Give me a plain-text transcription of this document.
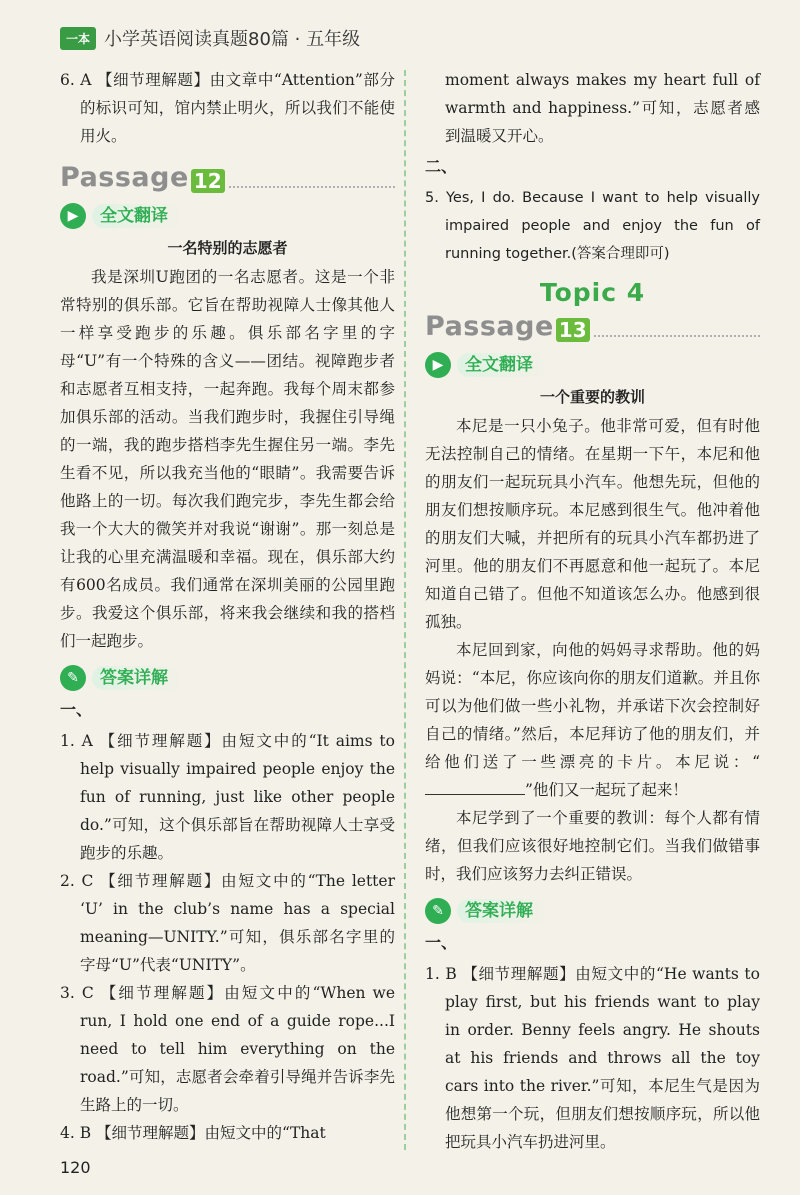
一本 小学英语阅读真题80篇 · 五年级

6. A 【细节理解题】由文章中“Attention”部分的标识可知，馆内禁止明火，所以我们不能使用火。

Passage 12
▶	全文翻译
一名特别的志愿者

我是深圳U跑团的一名志愿者。这是一个非常特别的俱乐部。它旨在帮助视障人士像其他人一样享受跑步的乐趣。俱乐部名字里的字母“U”有一个特殊的含义——团结。视障跑步者和志愿者互相支持，一起奔跑。我每个周末都参加俱乐部的活动。当我们跑步时，我握住引导绳的一端，我的跑步搭档李先生握住另一端。李先生看不见，所以我充当他的“眼睛”。我需要告诉他路上的一切。每次我们跑完步，李先生都会给我一个大大的微笑并对我说“谢谢”。那一刻总是让我的心里充满温暖和幸福。现在，俱乐部大约有600名成员。我们通常在深圳美丽的公园里跑步。我爱这个俱乐部，将来我会继续和我的搭档们一起跑步。

✎	答案详解
一、

1. A 【细节理解题】由短文中的“It aims to help visually impaired people enjoy the fun of running, just like other people do.”可知，这个俱乐部旨在帮助视障人士享受跑步的乐趣。

2. C 【细节理解题】由短文中的“The letter ‘U’ in the club’s name has a special meaning—UNITY.”可知，俱乐部名字里的字母“U”代表“UNITY”。

3. C 【细节理解题】由短文中的“When we run, I hold one end of a guide rope...I need to tell him everything on the road.”可知，志愿者会牵着引导绳并告诉李先生路上的一切。

4. B 【细节理解题】由短文中的“That

moment always makes my heart full of warmth and happiness.”可知，志愿者感到温暖又开心。

二、

5. Yes, I do. Because I want to help visually impaired people and enjoy the fun of running together.(答案合理即可)

Topic 4
Passage 13
▶	全文翻译
一个重要的教训

本尼是一只小兔子。他非常可爱，但有时他无法控制自己的情绪。在星期一下午，本尼和他的朋友们一起玩玩具小汽车。他想先玩，但他的朋友们想按顺序玩。本尼感到很生气。他冲着他的朋友们大喊，并把所有的玩具小汽车都扔进了河里。他的朋友们不再愿意和他一起玩了。本尼知道自己错了。但他不知道该怎么办。他感到很孤独。

本尼回到家，向他的妈妈寻求帮助。他的妈妈说：“本尼，你应该向你的朋友们道歉。并且你可以为他们做一些小礼物，并承诺下次会控制好自己的情绪。”然后，本尼拜访了他的朋友们，并给他们送了一些漂亮的卡片。本尼说：“”他们又一起玩了起来！

本尼学到了一个重要的教训：每个人都有情绪，但我们应该很好地控制它们。当我们做错事时，我们应该努力去纠正错误。

✎	答案详解
一、

1. B 【细节理解题】由短文中的“He wants to play first, but his friends want to play in order. Benny feels angry. He shouts at his friends and throws all the toy cars into the river.”可知，本尼生气是因为他想第一个玩，但朋友们想按顺序玩，所以他把玩具小汽车扔进河里。

120
